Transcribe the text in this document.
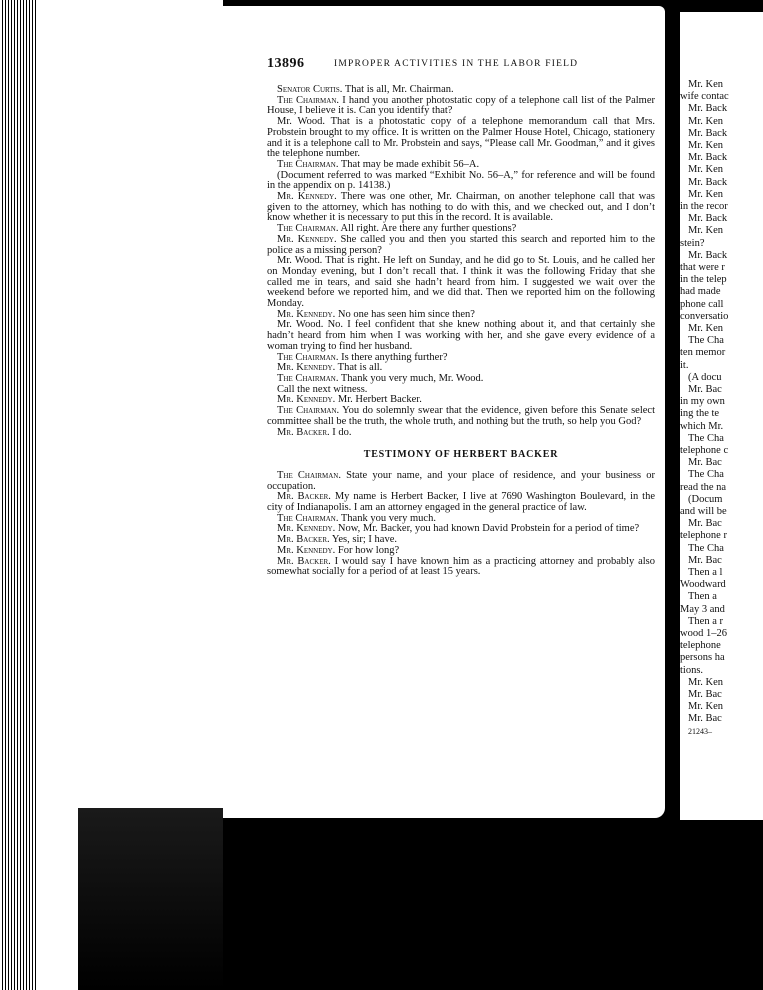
13896	IMPROPER ACTIVITIES IN THE LABOR FIELD

Senator Curtis. That is all, Mr. Chairman.

The Chairman. I hand you another photostatic copy of a telephone call list of the Palmer House, I believe it is. Can you identify that?

Mr. Wood. That is a photostatic copy of a telephone memorandum call that Mrs. Probstein brought to my office. It is written on the Palmer House Hotel, Chicago, stationery and it is a telephone call to Mr. Probstein and says, “Please call Mr. Goodman,” and it gives the telephone number.

The Chairman. That may be made exhibit 56–A.

(Document referred to was marked “Exhibit No. 56–A,” for reference and will be found in the appendix on p. 14138.)

Mr. Kennedy. There was one other, Mr. Chairman, on another telephone call that was given to the attorney, which has nothing to do with this, and we checked out, and I don’t know whether it is necessary to put this in the record. It is available.

The Chairman. All right. Are there any further questions?

Mr. Kennedy. She called you and then you started this search and reported him to the police as a missing person?

Mr. Wood. That is right. He left on Sunday, and he did go to St. Louis, and he called her on Monday evening, but I don’t recall that. I think it was the following Friday that she called me in tears, and said she hadn’t heard from him. I suggested we wait over the weekend before we reported him, and we did that. Then we reported him on the following Monday.

Mr. Kennedy. No one has seen him since then?

Mr. Wood. No. I feel confident that she knew nothing about it, and that certainly she hadn’t heard from him when I was working with her, and she gave every evidence of a woman trying to find her husband.

The Chairman. Is there anything further?

Mr. Kennedy. That is all.

The Chairman. Thank you very much, Mr. Wood.

Call the next witness.

Mr. Kennedy. Mr. Herbert Backer.

The Chairman. You do solemnly swear that the evidence, given before this Senate select committee shall be the truth, the whole truth, and nothing but the truth, so help you God?

Mr. Backer. I do.

TESTIMONY OF HERBERT BACKER

The Chairman. State your name, and your place of residence, and your business or occupation.

Mr. Backer. My name is Herbert Backer, I live at 7690 Washington Boulevard, in the city of Indianapolis. I am an attorney engaged in the general practice of law.

The Chairman. Thank you very much.

Mr. Kennedy. Now, Mr. Backer, you had known David Probstein for a period of time?

Mr. Backer. Yes, sir; I have.

Mr. Kennedy. For how long?

Mr. Backer. I would say I have known him as a practicing attorney and probably also somewhat socially for a period of at least 15 years.

Mr. Ken
wife contac
Mr. Back
Mr. Ken
Mr. Back
Mr. Ken
Mr. Back
Mr. Ken
Mr. Back
Mr. Ken
in the recor
Mr. Back
Mr. Ken
stein?
Mr. Back
that were r
in the telep
had made
phone call
conversatio
Mr. Ken
The Cha
ten memor
it.
(A docu
Mr. Bac
in my own
ing the te
which Mr.
The Cha
telephone c
Mr. Bac
The Cha
read the na
(Docum
and will be
Mr. Bac
telephone r
The Cha
Mr. Bac
Then a l
Woodward
Then a
May 3 and
Then a r
wood 1–26
telephone
persons ha
tions.
Mr. Ken
Mr. Bac
Mr. Ken
Mr. Bac
21243–
